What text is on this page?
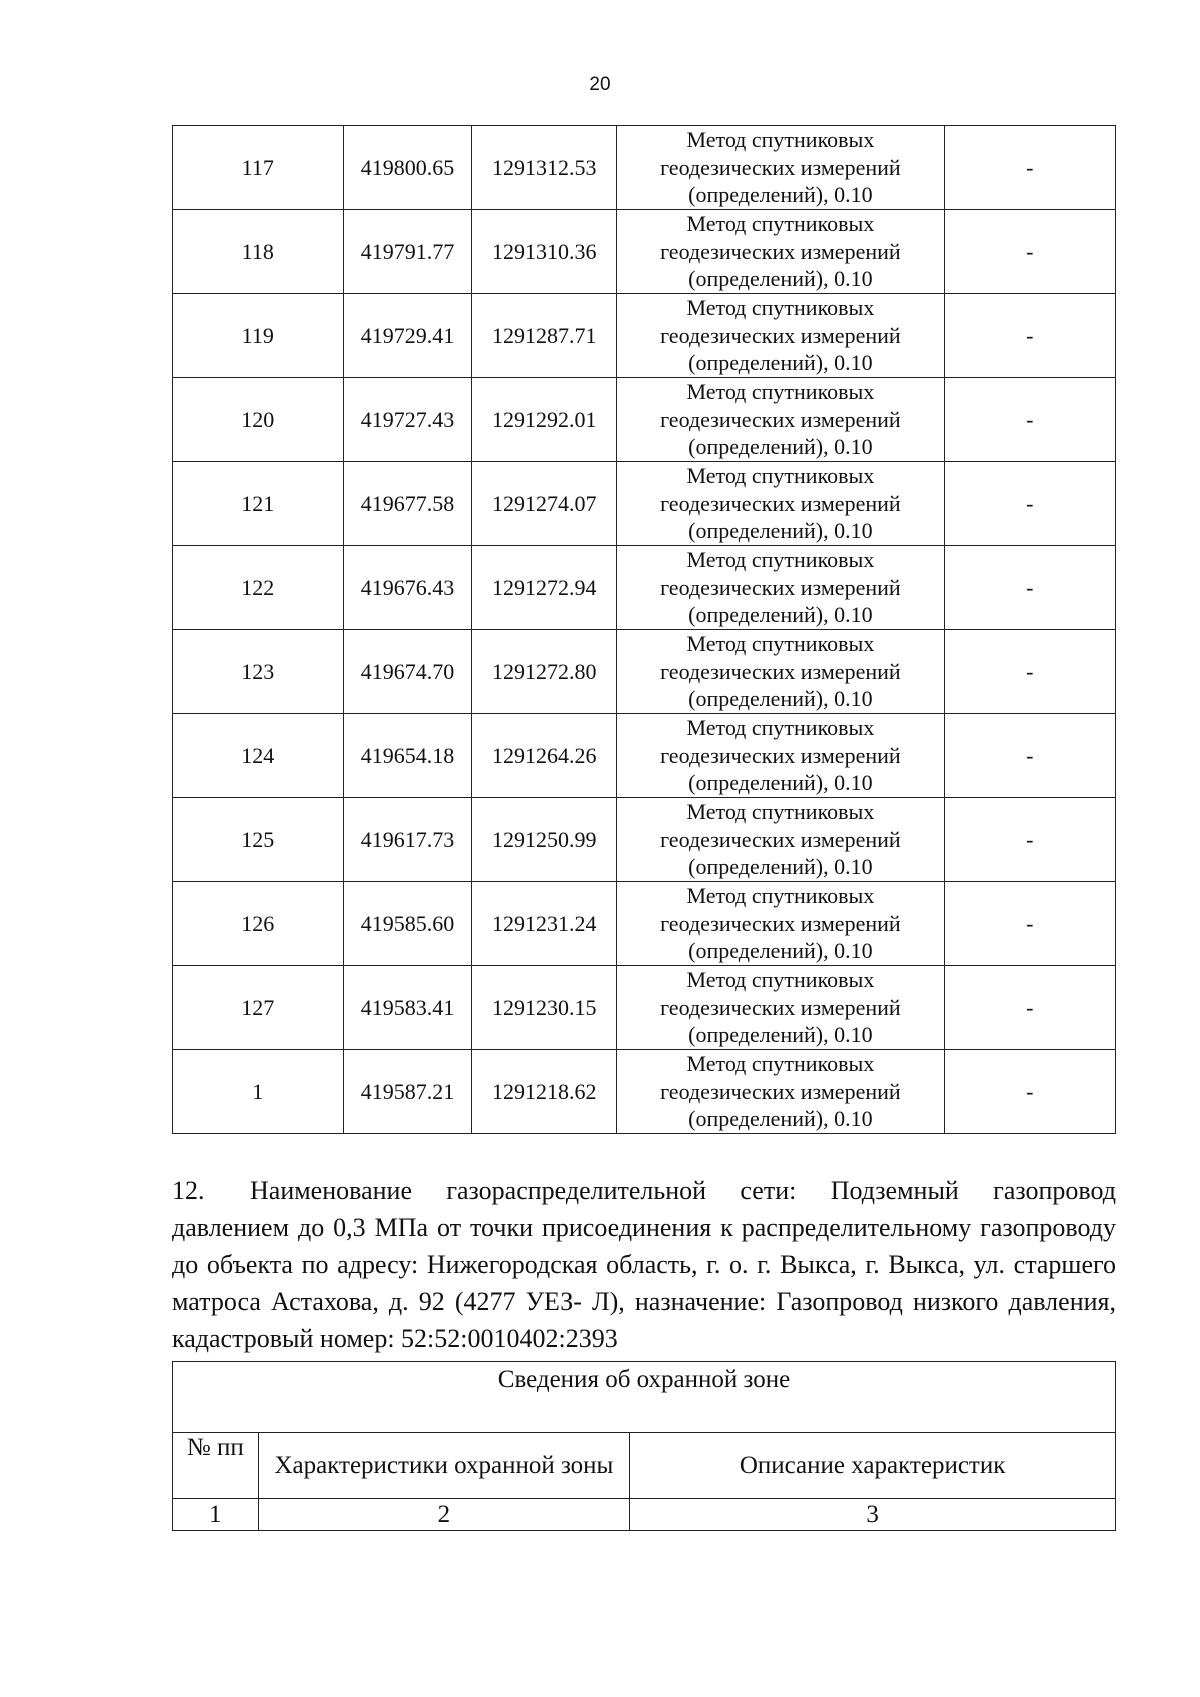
20
117	419800.65	1291312.53	Метод спутниковых
геодезических измерений
(определений), 0.10	-
118	419791.77	1291310.36	Метод спутниковых
геодезических измерений
(определений), 0.10	-
119	419729.41	1291287.71	Метод спутниковых
геодезических измерений
(определений), 0.10	-
120	419727.43	1291292.01	Метод спутниковых
геодезических измерений
(определений), 0.10	-
121	419677.58	1291274.07	Метод спутниковых
геодезических измерений
(определений), 0.10	-
122	419676.43	1291272.94	Метод спутниковых
геодезических измерений
(определений), 0.10	-
123	419674.70	1291272.80	Метод спутниковых
геодезических измерений
(определений), 0.10	-
124	419654.18	1291264.26	Метод спутниковых
геодезических измерений
(определений), 0.10	-
125	419617.73	1291250.99	Метод спутниковых
геодезических измерений
(определений), 0.10	-
126	419585.60	1291231.24	Метод спутниковых
геодезических измерений
(определений), 0.10	-
127	419583.41	1291230.15	Метод спутниковых
геодезических измерений
(определений), 0.10	-
1	419587.21	1291218.62	Метод спутниковых
геодезических измерений
(определений), 0.10	-
12. Наименование газораспределительной сети: Подземный газопровод давлением до 0,3 МПа от точки присоединения к распределительному газопроводу до объекта по адресу: Нижегородская область, г. о. г. Выкса, г. Выкса, ул. старшего матроса Астахова, д. 92 (4277 УЕЗ- Л), назначение: Газопровод низкого давления, кадастровый номер: 52:52:0010402:2393
Сведения об охранной зоне		
№ пп	Характеристики охранной зоны	Описание характеристик
1	2	3
